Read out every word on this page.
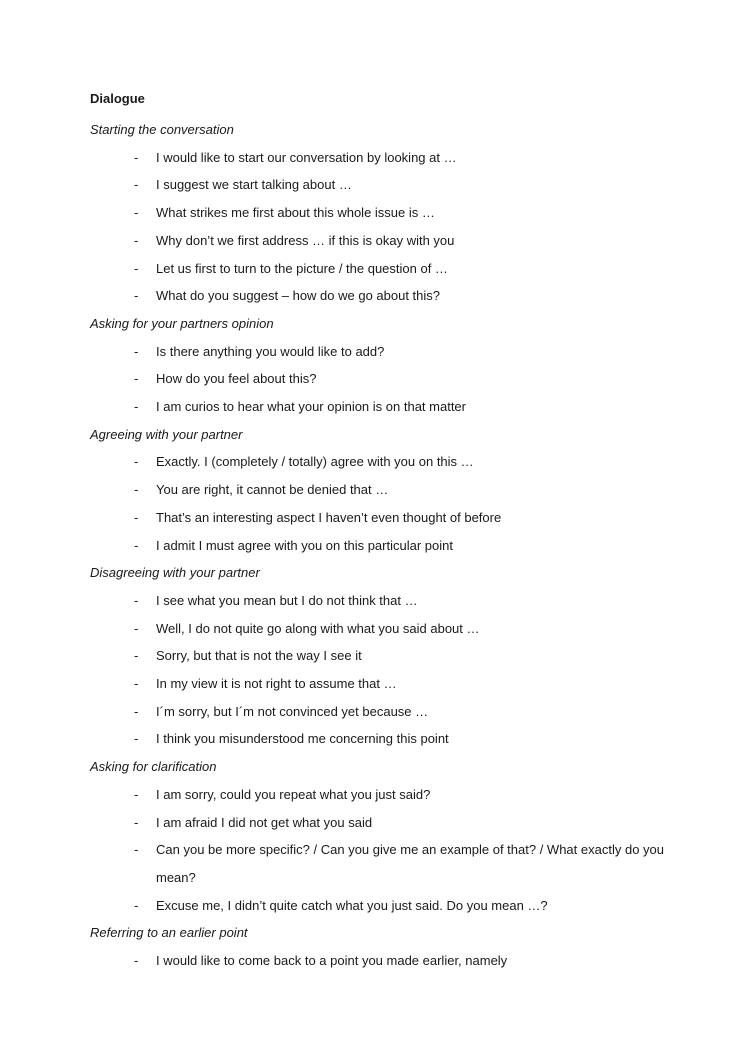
Dialogue
Starting the conversation
- I would like to start our conversation by looking at …
- I suggest we start talking about …
- What strikes me first about this whole issue is …
- Why don’t we first address … if this is okay with you
- Let us first to turn to the picture / the question of …
- What do you suggest – how do we go about this?
Asking for your partners opinion
- Is there anything you would like to add?
- How do you feel about this?
- I am curios to hear what your opinion is on that matter
Agreeing with your partner
- Exactly. I (completely / totally) agree with you on this …
- You are right, it cannot be denied that …
- That’s an interesting aspect I haven’t even thought of before
- I admit I must agree with you on this particular point
Disagreeing with your partner
- I see what you mean but I do not think that …
- Well, I do not quite go along with what you said about …
- Sorry, but that is not the way I see it
- In my view it is not right to assume that …
- I´m sorry, but I´m not convinced yet because …
- I think you misunderstood me concerning this point
Asking for clarification
- I am sorry, could you repeat what you just said?
- I am afraid I did not get what you said
- Can you be more specific? / Can you give me an example of that? / What exactly do you mean?
- Excuse me, I didn’t quite catch what you just said. Do you mean …?
Referring to an earlier point
- I would like to come back to a point you made earlier, namely
